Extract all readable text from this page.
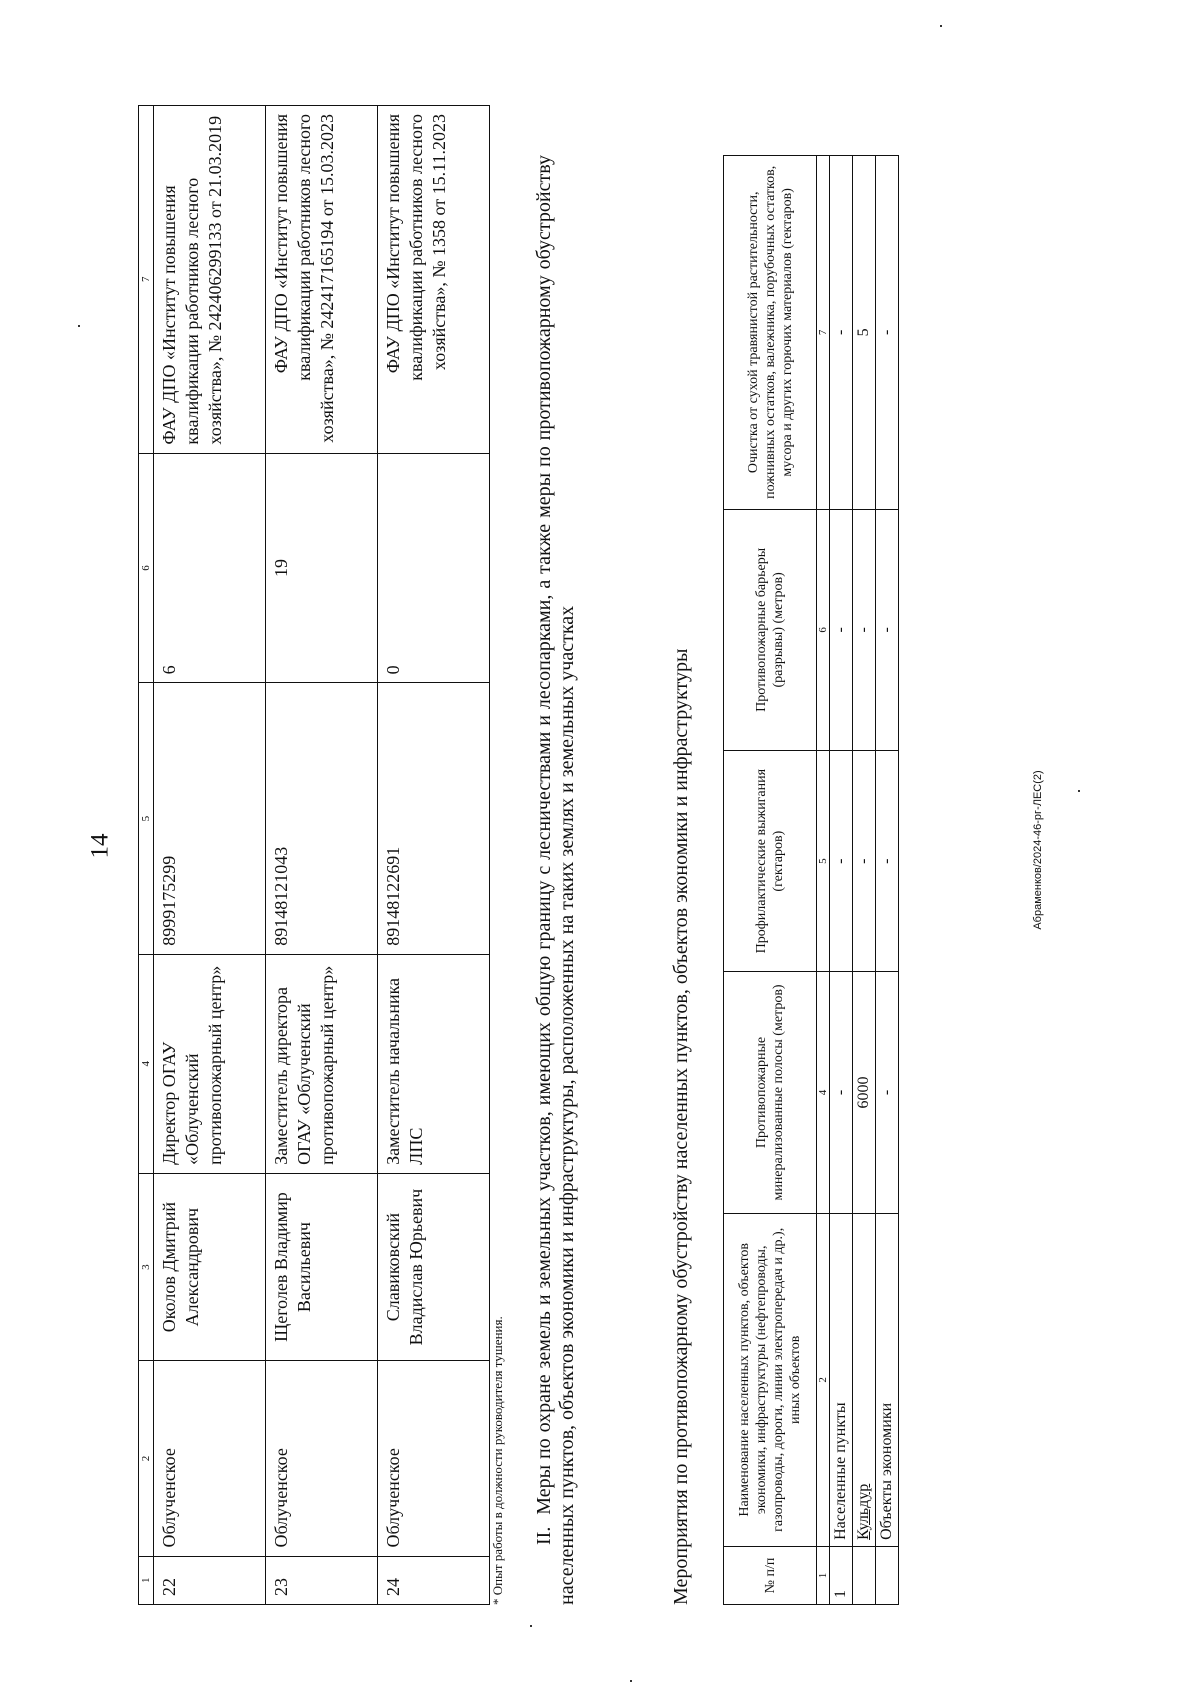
14	Абраменков/2024-46-рг-ЛЕС(2)
1	2	3	4	5	6	7
22	Облученское	Околов Дмитрий Александрович	Директор ОГАУ «Облученский противопожарный центр»	8999175299	6	ФАУ ДПО «Институт повышения квалификации работников лесного хозяйства», № 242406299133 от 21.03.2019
23	Облученское	Щеголев Владимир Васильевич	Заместитель директора ОГАУ «Облученский противопожарный центр»	89148121043	19	ФАУ ДПО «Институт повышения квалификации работников лесного хозяйства», № 242417165194 от 15.03.2023
24	Облученское	Славиковский Владислав Юрьевич	Заместитель начальника ЛПС	89148122691	0	ФАУ ДПО «Институт повышения квалификации работников лесного хозяйства», № 1358 от 15.11.2023
* Опыт работы в должности руководителя тушения. II.  Меры по охране земель и земельных участков, имеющих общую границу с лесничествами и лесопарками, а также меры по противопожарному обустройству населенных пунктов, объектов экономики и инфраструктуры, расположенных на таких землях и земельных участках	Мероприятия по противопожарному обустройству населенных пунктов, объектов экономики и инфраструктуры	№ п/п	Наименование населенных пунктов, объектов экономики, инфраструктуры (нефтепроводы, газопроводы, дороги, линии электропередач и др.), иных объектов	Противопожарные минерализованные полосы (метров)	Профилактические выжигания (гектаров)	Противопожарные барьеры (разрывы) (метров)	Очистка от сухой травянистой растительности, пожнивных остатков, валежника, порубочных остатков, мусора и других горючих материалов (гектаров)
1	2	4	5	6	7
1	Населенные пункты	-	-	-	-
	Кульдур	6000	-	-	5
	Объекты экономики	-	-	-	-
